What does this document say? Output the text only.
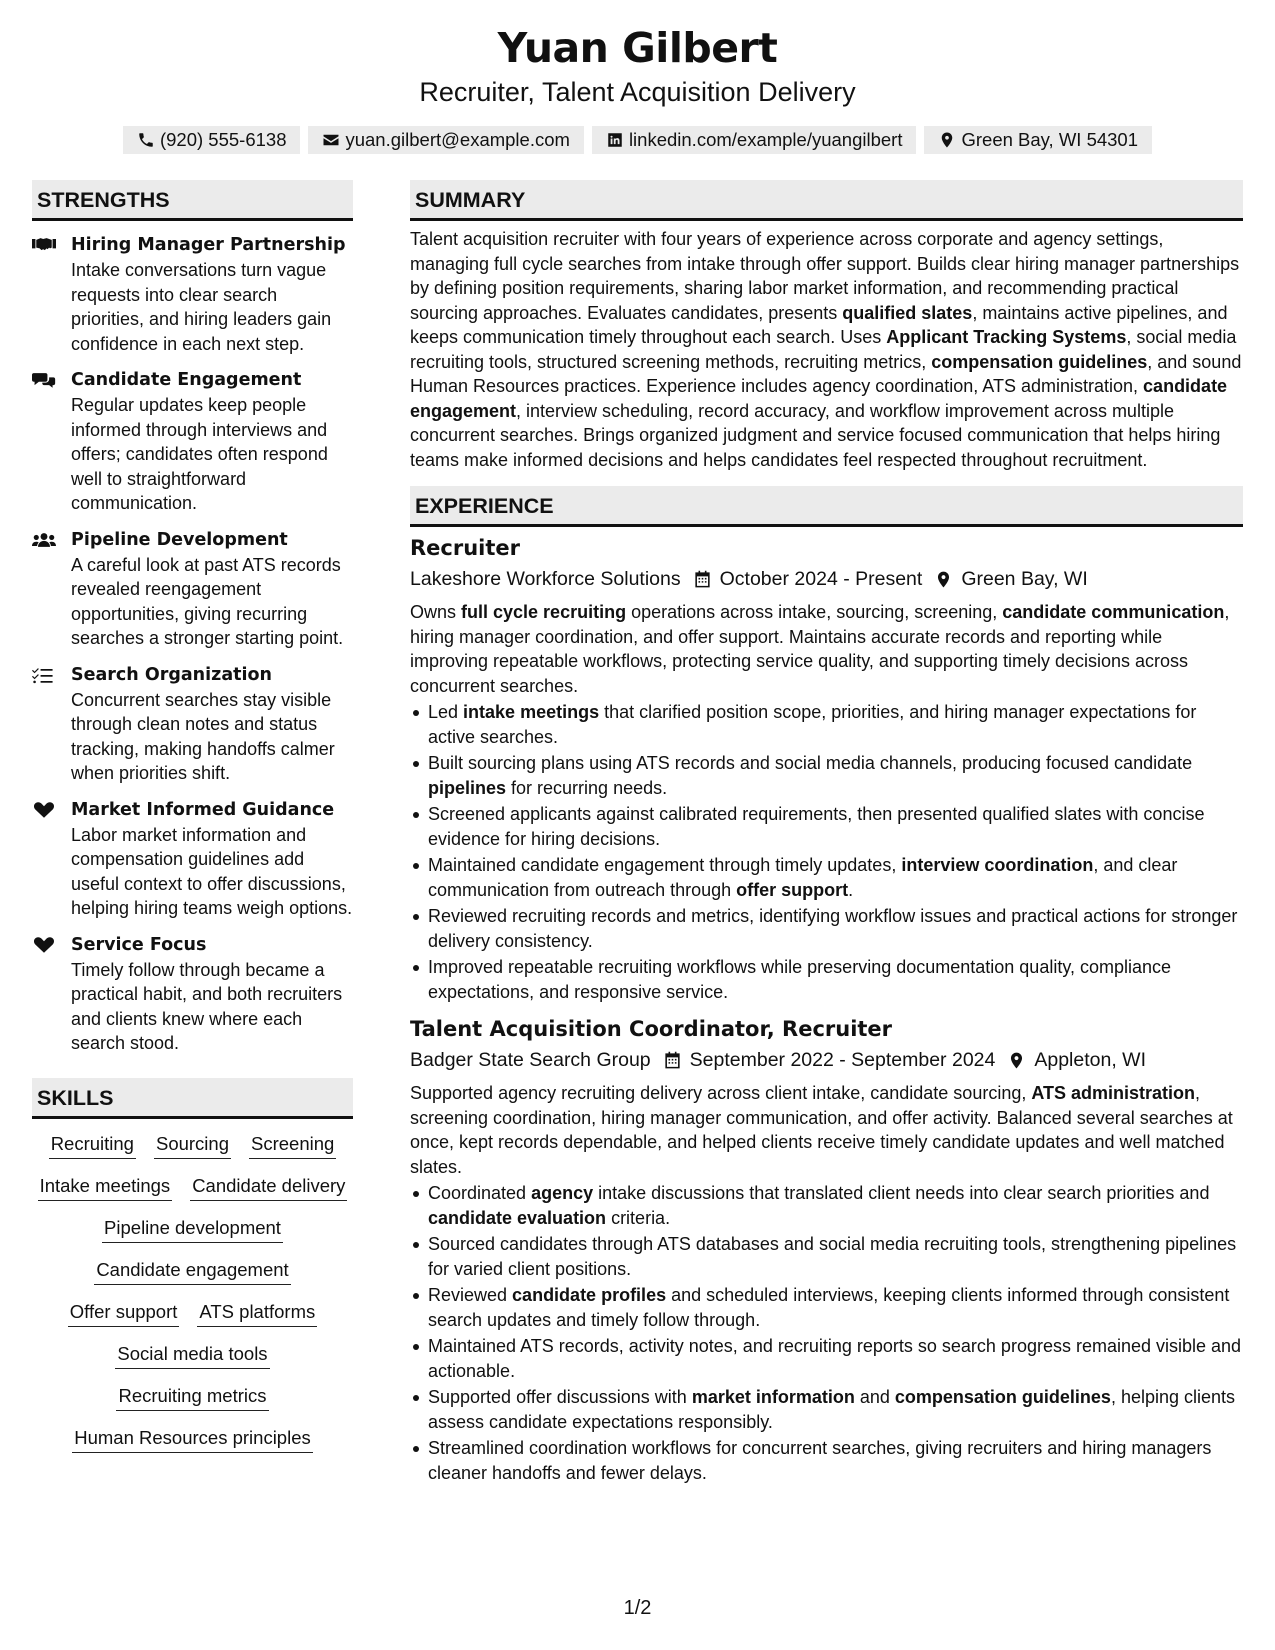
Yuan Gilbert
Recruiter, Talent Acquisition Delivery
(920) 555-6138	yuan.gilbert@example.com	linkedin.com/example/yuangilbert	Green Bay, WI 54301
STRENGTHS
Hiring Manager Partnership
Intake conversations turn vague requests into clear search priorities, and hiring leaders gain confidence in each next step.
Candidate Engagement
Regular updates keep people informed through interviews and offers; candidates often respond well to straightforward communication.
Pipeline Development
A careful look at past ATS records revealed reengagement opportunities, giving recurring searches a stronger starting point.
Search Organization
Concurrent searches stay visible through clean notes and status tracking, making handoffs calmer when priorities shift.
Market Informed Guidance
Labor market information and compensation guidelines add useful context to offer discussions, helping hiring teams weigh options.
Service Focus
Timely follow through became a practical habit, and both recruiters and clients knew where each search stood.
SKILLS
Recruiting Sourcing Screening
Intake meetings Candidate delivery
Pipeline development
Candidate engagement
Offer support ATS platforms
Social media tools
Recruiting metrics
Human Resources principles
SUMMARY

Talent acquisition recruiter with four years of experience across corporate and agency settings, managing full cycle searches from intake through offer support. Builds clear hiring manager partnerships by defining position requirements, sharing labor market information, and recommending practical sourcing approaches. Evaluates candidates, presents qualified slates, maintains active pipelines, and keeps communication timely throughout each search. Uses Applicant Tracking Systems, social media recruiting tools, structured screening methods, recruiting metrics, compensation guidelines, and sound Human Resources practices. Experience includes agency coordination, ATS administration, candidate engagement, interview scheduling, record accuracy, and workflow improvement across multiple concurrent searches. Brings organized judgment and service focused communication that helps hiring teams make informed decisions and helps candidates feel respected throughout recruitment.

EXPERIENCE
Recruiter
Lakeshore Workforce Solutions October 2024 - Present Green Bay, WI

Owns full cycle recruiting operations across intake, sourcing, screening, candidate communication, hiring manager coordination, and offer support. Maintains accurate records and reporting while improving repeatable workflows, protecting service quality, and supporting timely decisions across concurrent searches.

Led intake meetings that clarified position scope, priorities, and hiring manager expectations for active searches.
Built sourcing plans using ATS records and social media channels, producing focused candidate pipelines for recurring needs.
Screened applicants against calibrated requirements, then presented qualified slates with concise evidence for hiring decisions.
Maintained candidate engagement through timely updates, interview coordination, and clear communication from outreach through offer support.
Reviewed recruiting records and metrics, identifying workflow issues and practical actions for stronger delivery consistency.
Improved repeatable recruiting workflows while preserving documentation quality, compliance expectations, and responsive service.
Talent Acquisition Coordinator, Recruiter
Badger State Search Group September 2022 - September 2024 Appleton, WI

Supported agency recruiting delivery across client intake, candidate sourcing, ATS administration, screening coordination, hiring manager communication, and offer activity. Balanced several searches at once, kept records dependable, and helped clients receive timely candidate updates and well matched slates.

Coordinated agency intake discussions that translated client needs into clear search priorities and candidate evaluation criteria.
Sourced candidates through ATS databases and social media recruiting tools, strengthening pipelines for varied client positions.
Reviewed candidate profiles and scheduled interviews, keeping clients informed through consistent search updates and timely follow through.
Maintained ATS records, activity notes, and recruiting reports so search progress remained visible and actionable.
Supported offer discussions with market information and compensation guidelines, helping clients assess candidate expectations responsibly.
Streamlined coordination workflows for concurrent searches, giving recruiters and hiring managers cleaner handoffs and fewer delays.
1/2
